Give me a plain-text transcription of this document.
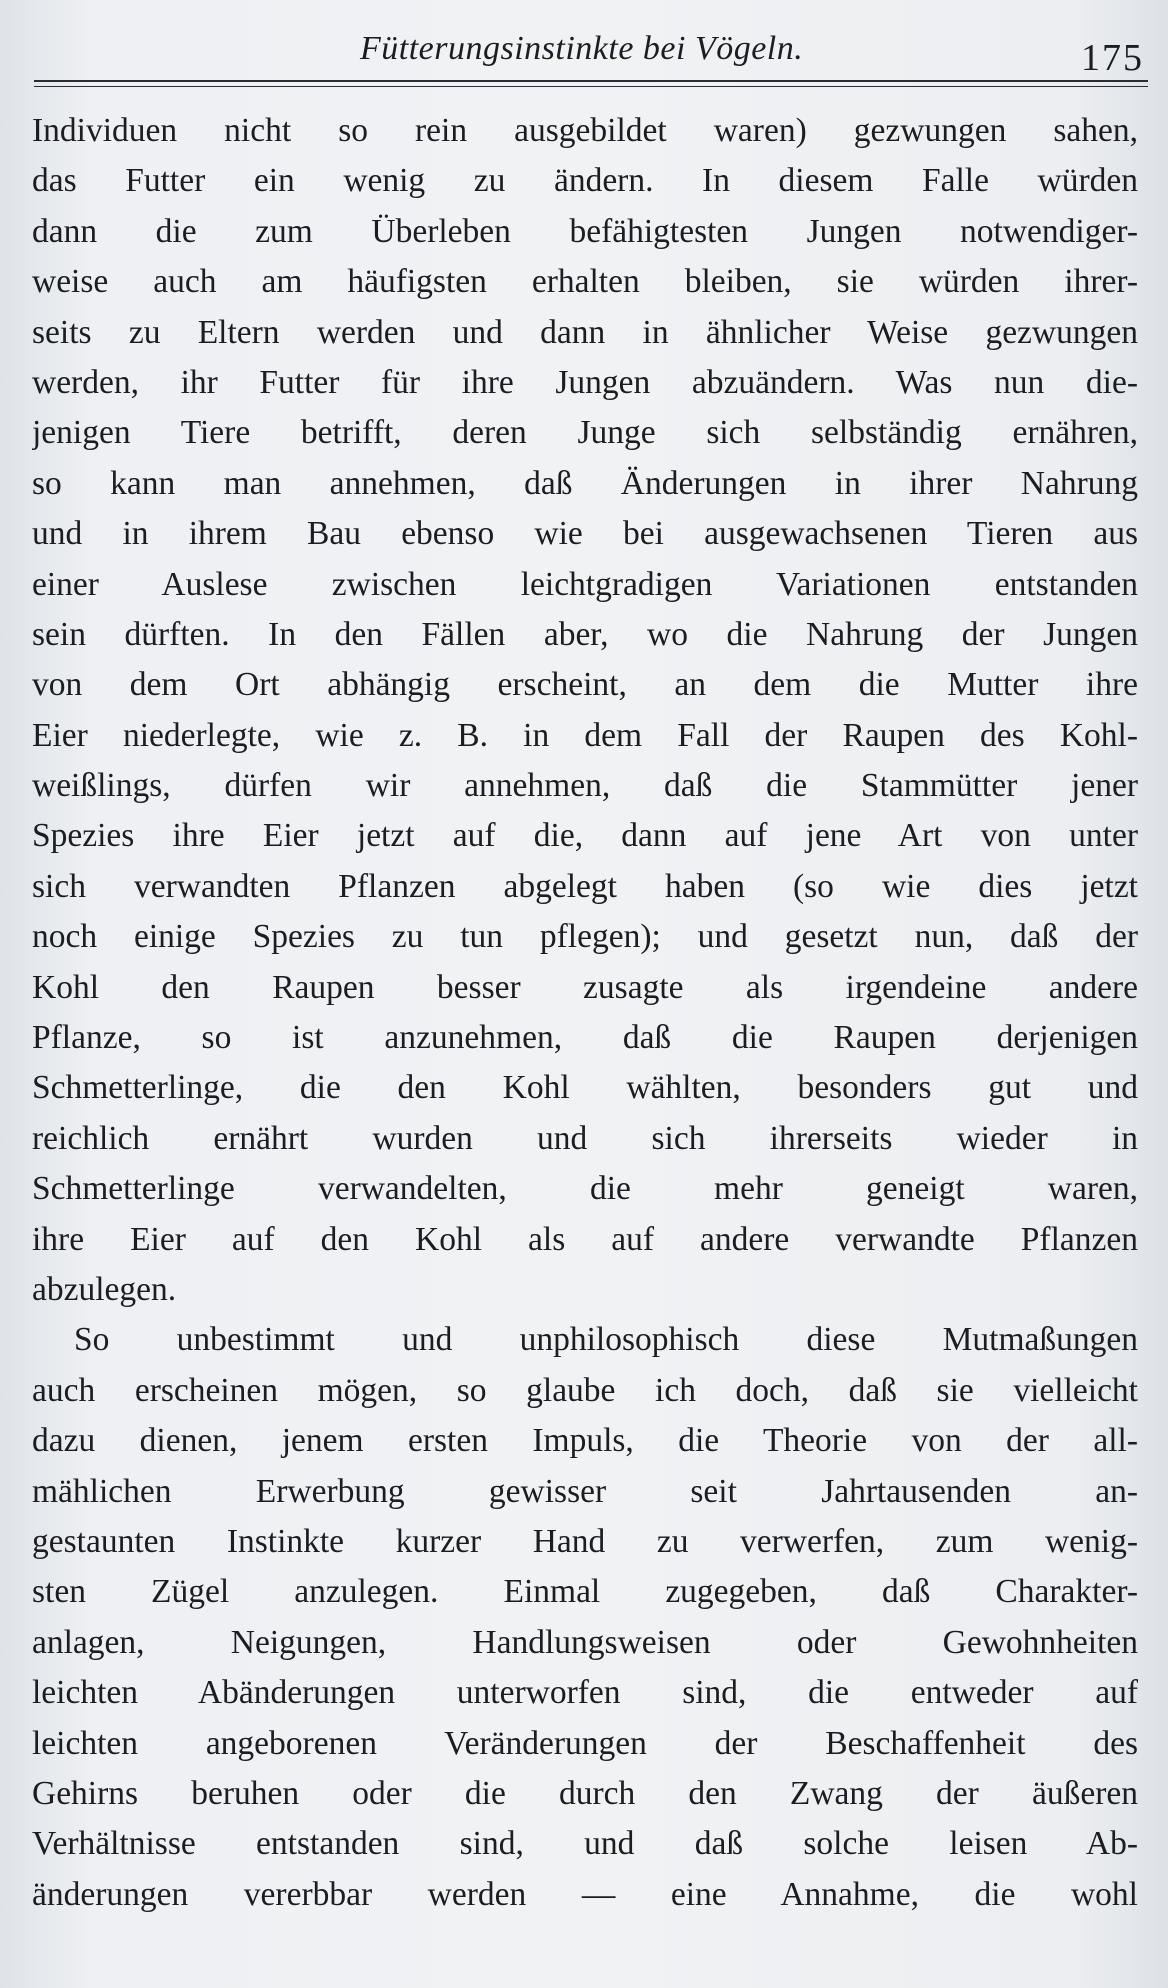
Fütterungsinstinkte bei Vögeln.	175

Individuen nicht so rein ausgebildet waren) gezwungen sahen,
das Futter ein wenig zu ändern. In diesem Falle würden
dann die zum Überleben befähigtesten Jungen notwendiger-
weise auch am häufigsten erhalten bleiben, sie würden ihrer-
seits zu Eltern werden und dann in ähnlicher Weise gezwungen
werden, ihr Futter für ihre Jungen abzuändern. Was nun die-
jenigen Tiere betrifft, deren Junge sich selbständig ernähren,
so kann man annehmen, daß Änderungen in ihrer Nahrung
und in ihrem Bau ebenso wie bei ausgewachsenen Tieren aus
einer Auslese zwischen leichtgradigen Variationen entstanden
sein dürften. In den Fällen aber, wo die Nahrung der Jungen
von dem Ort abhängig erscheint, an dem die Mutter ihre
Eier niederlegte, wie z. B. in dem Fall der Raupen des Kohl-
weißlings, dürfen wir annehmen, daß die Stammütter jener
Spezies ihre Eier jetzt auf die, dann auf jene Art von unter
sich verwandten Pflanzen abgelegt haben (so wie dies jetzt
noch einige Spezies zu tun pflegen); und gesetzt nun, daß der
Kohl den Raupen besser zusagte als irgendeine andere
Pflanze, so ist anzunehmen, daß die Raupen derjenigen
Schmetterlinge, die den Kohl wählten, besonders gut und
reichlich ernährt wurden und sich ihrerseits wieder in
Schmetterlinge verwandelten, die mehr geneigt waren,
ihre Eier auf den Kohl als auf andere verwandte Pflanzen
abzulegen.

So unbestimmt und unphilosophisch diese Mutmaßungen
auch erscheinen mögen, so glaube ich doch, daß sie vielleicht
dazu dienen, jenem ersten Impuls, die Theorie von der all-
mählichen Erwerbung gewisser seit Jahrtausenden an-
gestaunten Instinkte kurzer Hand zu verwerfen, zum wenig-
sten Zügel anzulegen. Einmal zugegeben, daß Charakter-
anlagen, Neigungen, Handlungsweisen oder Gewohnheiten
leichten Abänderungen unterworfen sind, die entweder auf
leichten angeborenen Veränderungen der Beschaffenheit des
Gehirns beruhen oder die durch den Zwang der äußeren
Verhältnisse entstanden sind, und daß solche leisen Ab-
änderungen vererbbar werden — eine Annahme, die wohl
